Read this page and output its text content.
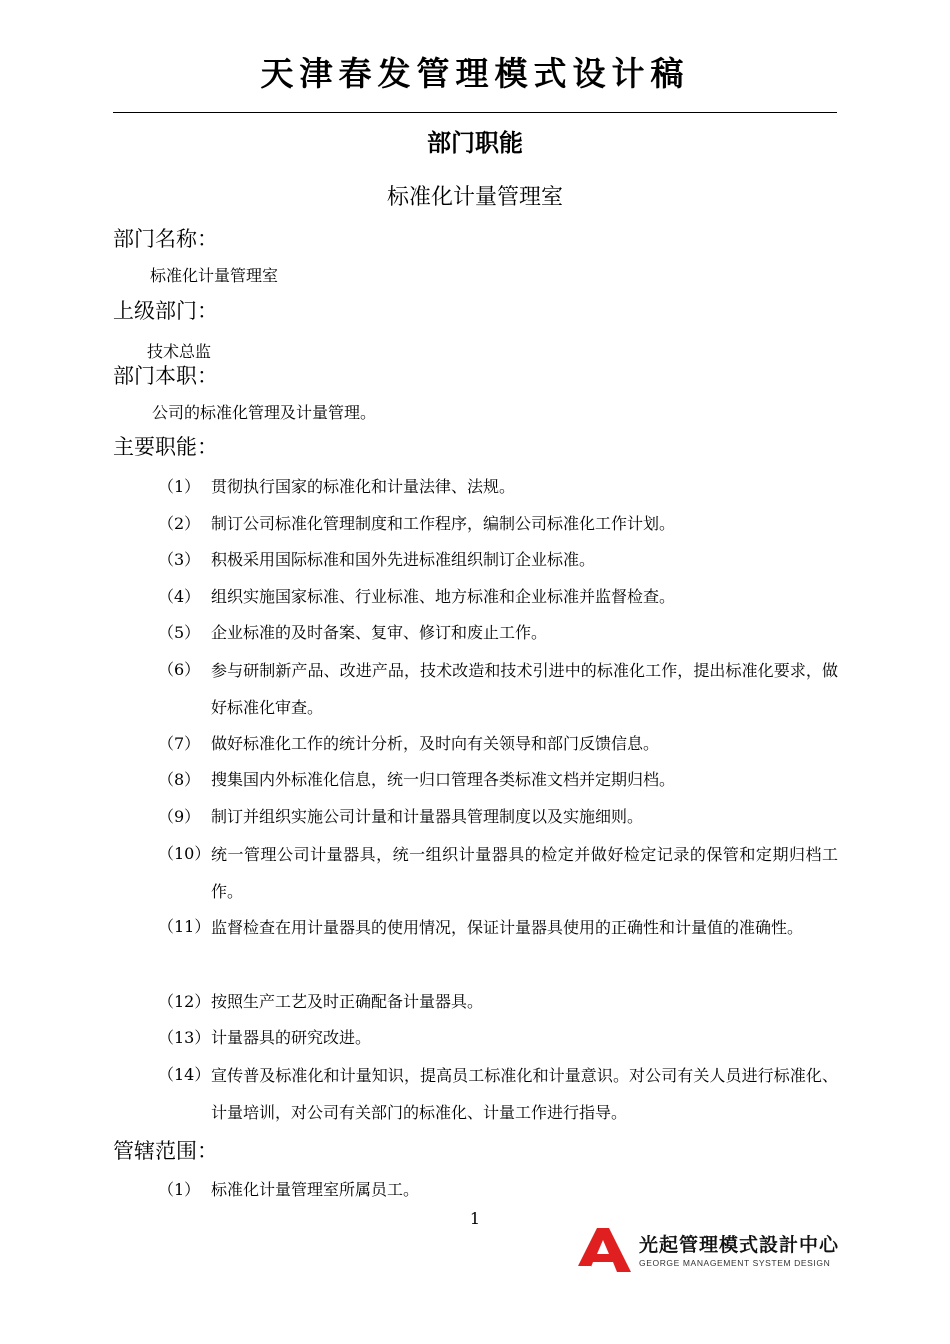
天津春发管理模式设计稿
部门职能
标准化计量管理室
部门名称：
标准化计量管理室
上级部门：
技术总监
部门本职：
公司的标准化管理及计量管理。
主要职能：
（1） 贯彻执行国家的标准化和计量法律、法规。
（2） 制订公司标准化管理制度和工作程序，编制公司标准化工作计划。
（3） 积极采用国际标准和国外先进标准组织制订企业标准。
（4） 组织实施国家标准、行业标准、地方标准和企业标准并监督检查。
（5） 企业标准的及时备案、复审、修订和废止工作。
（6） 参与研制新产品、改进产品，技术改造和技术引进中的标准化工作，提出标准化要求，做好标准化审查。
（7） 做好标准化工作的统计分析，及时向有关领导和部门反馈信息。
（8） 搜集国内外标准化信息，统一归口管理各类标准文档并定期归档。
（9） 制订并组织实施公司计量和计量器具管理制度以及实施细则。
（10） 统一管理公司计量器具，统一组织计量器具的检定并做好检定记录的保管和定期归档工作。
（11） 监督检查在用计量器具的使用情况，保证计量器具使用的正确性和计量值的准确性。
（12） 按照生产工艺及时正确配备计量器具。
（13） 计量器具的研究改进。
（14） 宣传普及标准化和计量知识，提高员工标准化和计量意识。对公司有关人员进行标准化、计量培训，对公司有关部门的标准化、计量工作进行指导。
管辖范围：
（1） 标准化计量管理室所属员工。
1
光起管理模式設計中心
GEORGE MANAGEMENT SYSTEM DESIGN
